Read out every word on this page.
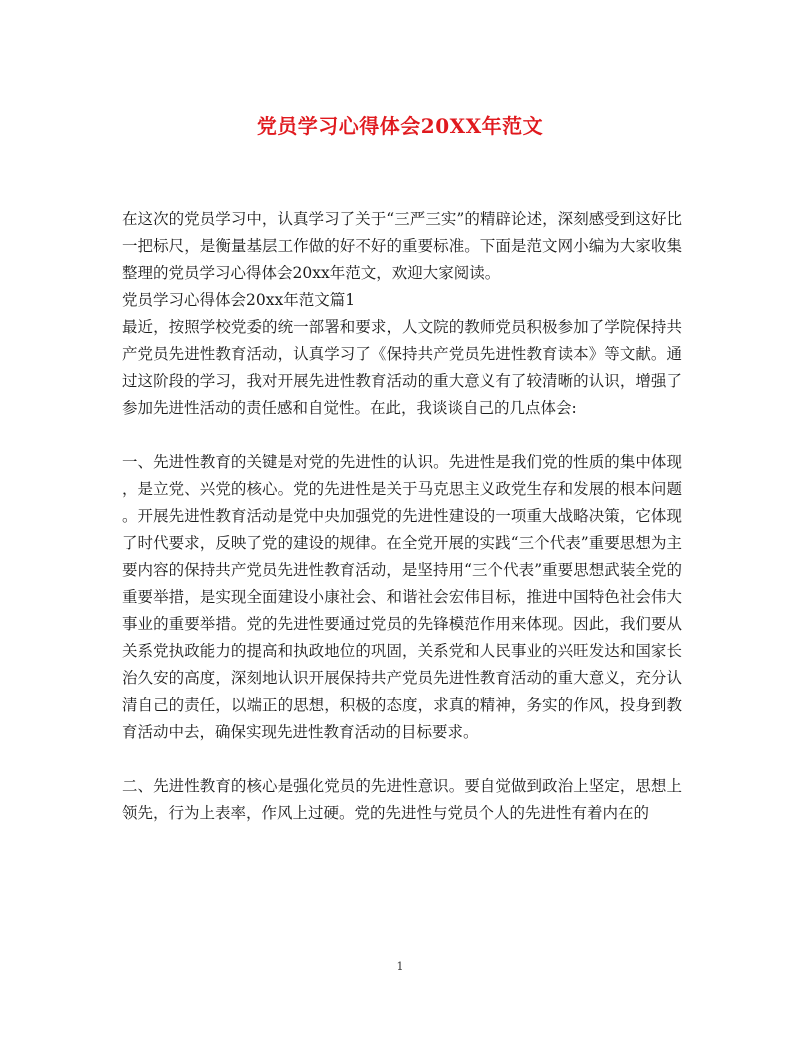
党员学习心得体会20XX年范文

在这次的党员学习中，认真学习了关于“三严三实”的精辟论述，深刻感受到这好比一把标尺，是衡量基层工作做的好不好的重要标准。下面是范文网小编为大家收集整理的党员学习心得体会20xx年范文，欢迎大家阅读。

党员学习心得体会20xx年范文篇1

最近，按照学校党委的统一部署和要求，人文院的教师党员积极参加了学院保持共产党员先进性教育活动，认真学习了《保持共产党员先进性教育读本》等文献。通过这阶段的学习，我对开展先进性教育活动的重大意义有了较清晰的认识，增强了参加先进性活动的责任感和自觉性。在此，我谈谈自己的几点体会:

一、先进性教育的关键是对党的先进性的认识。先进性是我们党的性质的集中体现，是立党、兴党的核心。党的先进性是关于马克思主义政党生存和发展的根本问题。开展先进性教育活动是党中央加强党的先进性建设的一项重大战略决策，它体现了时代要求，反映了党的建设的规律。在全党开展的实践“三个代表”重要思想为主要内容的保持共产党员先进性教育活动，是坚持用“三个代表”重要思想武装全党的重要举措，是实现全面建设小康社会、和谐社会宏伟目标，推进中国特色社会伟大事业的重要举措。党的先进性要通过党员的先锋模范作用来体现。因此，我们要从关系党执政能力的提高和执政地位的巩固，关系党和人民事业的兴旺发达和国家长治久安的高度，深刻地认识开展保持共产党员先进性教育活动的重大意义，充分认清自己的责任，以端正的思想，积极的态度，求真的精神，务实的作风，投身到教育活动中去，确保实现先进性教育活动的目标要求。

二、先进性教育的核心是强化党员的先进性意识。要自觉做到政治上坚定，思想上领先，行为上表率，作风上过硬。党的先进性与党员个人的先进性有着内在的

1
